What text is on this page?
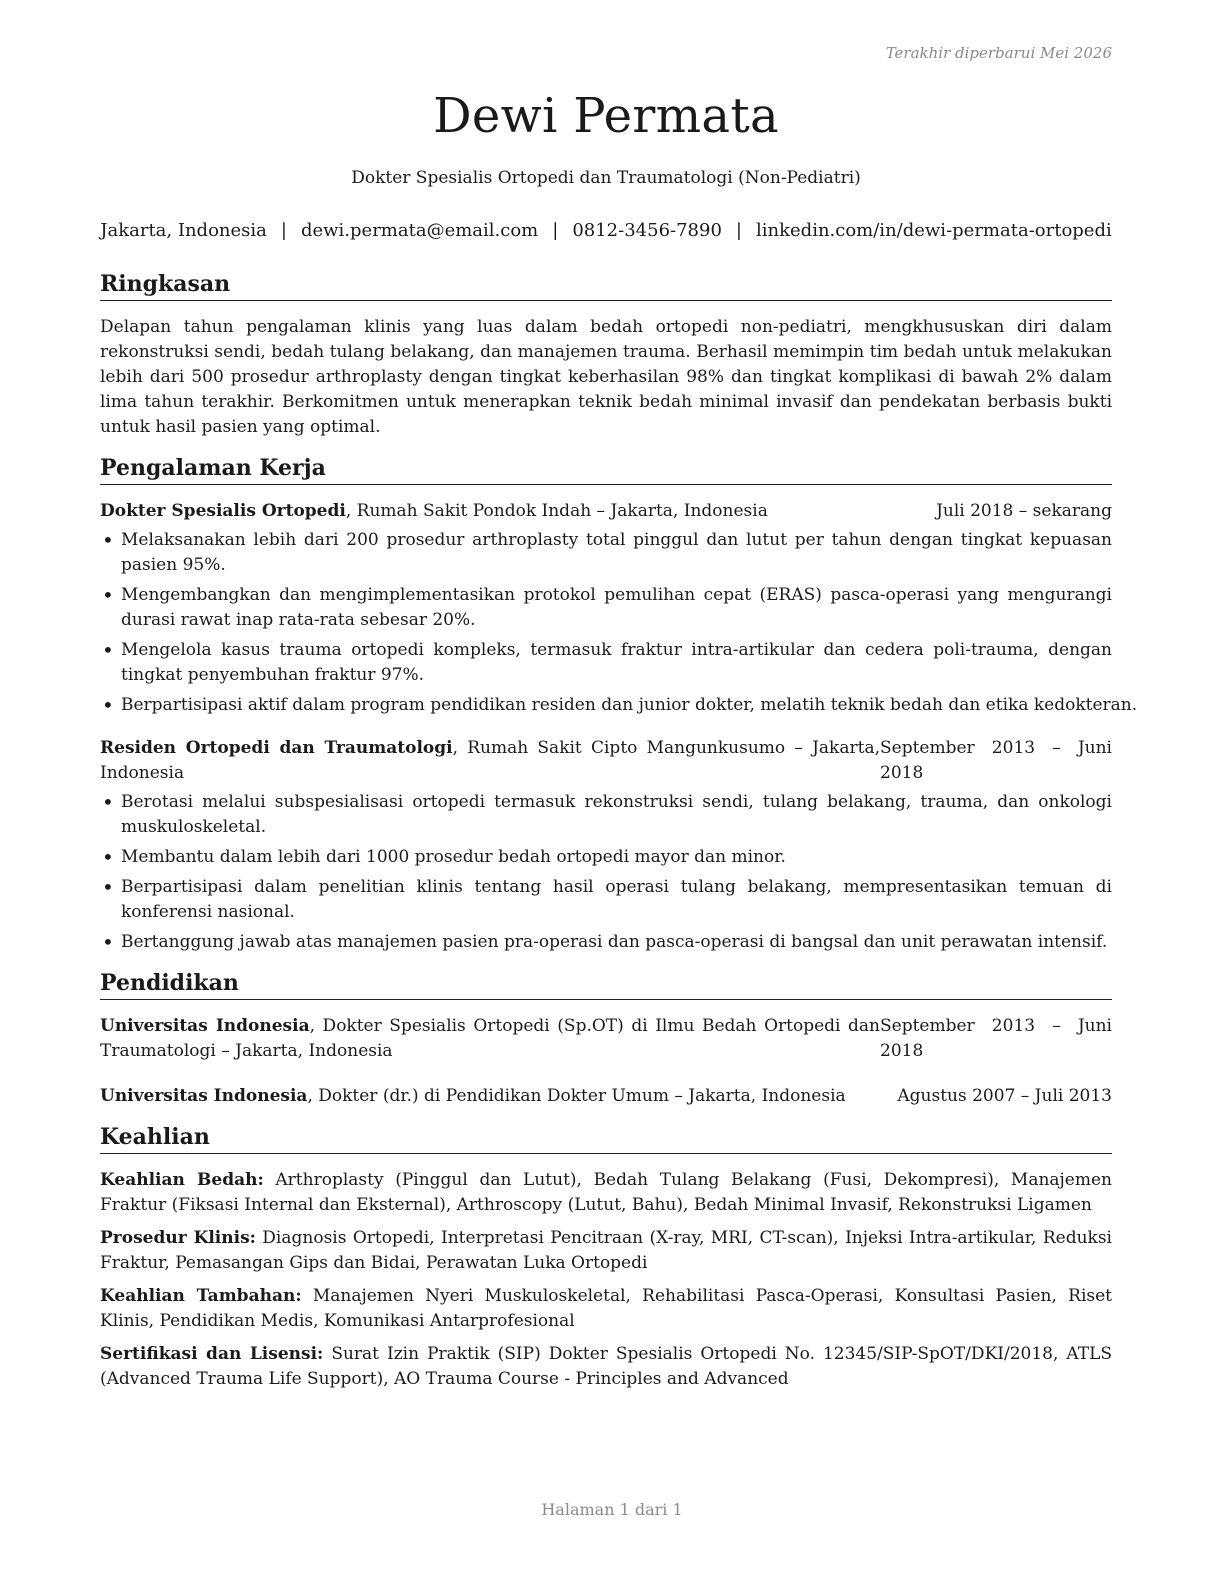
Terakhir diperbarui Mei 2026
Dewi Permata
Dokter Spesialis Ortopedi dan Traumatologi (Non-Pediatri)
Jakarta, Indonesia | dewi.permata@email.com | 0812-3456-7890 | linkedin.com/in/dewi-permata-ortopedi
Ringkasan

Delapan tahun pengalaman klinis yang luas dalam bedah ortopedi non-pediatri, mengkhususkan diri dalam rekonstruksi sendi, bedah tulang belakang, dan manajemen trauma. Berhasil memimpin tim bedah untuk melakukan lebih dari 500 prosedur arthroplasty dengan tingkat keberhasilan 98% dan tingkat komplikasi di bawah 2% dalam lima tahun terakhir. Berkomitmen untuk menerapkan teknik bedah minimal invasif dan pendekatan berbasis bukti untuk hasil pasien yang optimal.

Pengalaman Kerja
Dokter Spesialis Ortopedi, Rumah Sakit Pondok Indah – Jakarta, Indonesia	Juli 2018 – sekarang
• Melaksanakan lebih dari 200 prosedur arthroplasty total pinggul dan lutut per tahun dengan tingkat kepuasan pasien 95%.
• Mengembangkan dan mengimplementasikan protokol pemulihan cepat (ERAS) pasca-operasi yang mengurangi durasi rawat inap rata-rata sebesar 20%.
• Mengelola kasus trauma ortopedi kompleks, termasuk fraktur intra-artikular dan cedera poli-trauma, dengan tingkat penyembuhan fraktur 97%.
• Berpartisipasi aktif dalam program pendidikan residen dan junior dokter, melatih teknik bedah dan etika kedokteran.
Residen Ortopedi dan Traumatologi, Rumah Sakit Cipto Mangunkusumo – Jakarta, Indonesia
September 2013 – Juni 2018
• Berotasi melalui subspesialisasi ortopedi termasuk rekonstruksi sendi, tulang belakang, trauma, dan onkologi muskuloskeletal.
• Membantu dalam lebih dari 1000 prosedur bedah ortopedi mayor dan minor.
• Berpartisipasi dalam penelitian klinis tentang hasil operasi tulang belakang, mempresentasikan temuan di konferensi nasional.
• Bertanggung jawab atas manajemen pasien pra-operasi dan pasca-operasi di bangsal dan unit perawatan intensif.
Pendidikan
Universitas Indonesia, Dokter Spesialis Ortopedi (Sp.OT) di Ilmu Bedah Ortopedi dan Traumatologi – Jakarta, Indonesia
September 2013 – Juni 2018
Universitas Indonesia, Dokter (dr.) di Pendidikan Dokter Umum – Jakarta, Indonesia	Agustus 2007 – Juli 2013
Keahlian

Keahlian Bedah: Arthroplasty (Pinggul dan Lutut), Bedah Tulang Belakang (Fusi, Dekompresi), Manajemen Fraktur (Fiksasi Internal dan Eksternal), Arthroscopy (Lutut, Bahu), Bedah Minimal Invasif, Rekonstruksi Ligamen

Prosedur Klinis: Diagnosis Ortopedi, Interpretasi Pencitraan (X-ray, MRI, CT-scan), Injeksi Intra-artikular, Reduksi Fraktur, Pemasangan Gips dan Bidai, Perawatan Luka Ortopedi

Keahlian Tambahan: Manajemen Nyeri Muskuloskeletal, Rehabilitasi Pasca-Operasi, Konsultasi Pasien, Riset Klinis, Pendidikan Medis, Komunikasi Antarprofesional

Sertifikasi dan Lisensi: Surat Izin Praktik (SIP) Dokter Spesialis Ortopedi No. 12345/SIP-SpOT/DKI/2018, ATLS (Advanced Trauma Life Support), AO Trauma Course - Principles and Advanced

Halaman 1 dari 1
